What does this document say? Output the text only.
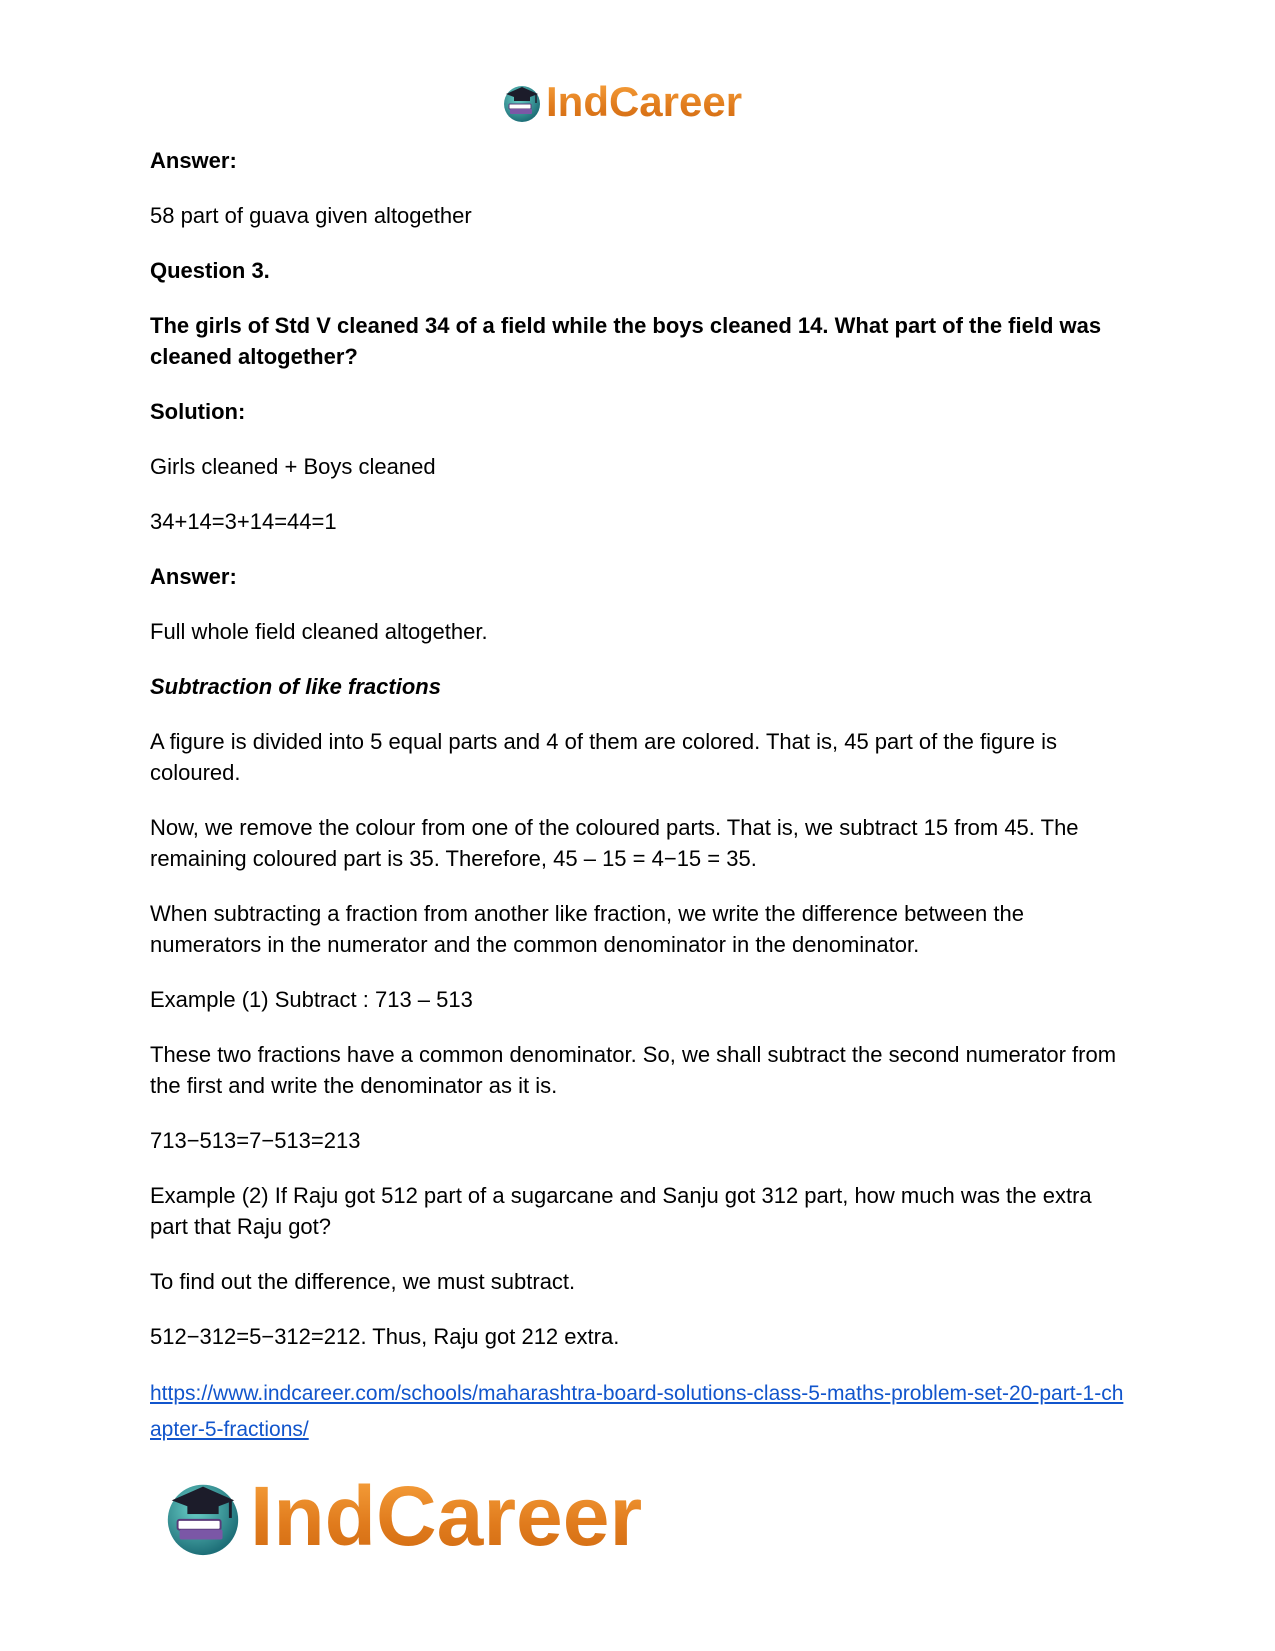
IndCareer

Answer:

58 part of guava given altogether

Question 3.

The girls of Std V cleaned 34 of a field while the boys cleaned 14. What part of the field was cleaned altogether?

Solution:

Girls cleaned + Boys cleaned

34+14=3+14=44=1

Answer:

Full whole field cleaned altogether.

Subtraction of like fractions

A figure is divided into 5 equal parts and 4 of them are colored. That is, 45 part of the figure is coloured.

Now, we remove the colour from one of the coloured parts. That is, we subtract 15 from 45. The remaining coloured part is 35. Therefore, 45 – 15 = 4−15 = 35.

When subtracting a fraction from another like fraction, we write the difference between the numerators in the numerator and the common denominator in the denominator.

Example (1) Subtract : 713 – 513

These two fractions have a common denominator. So, we shall subtract the second numerator from the first and write the denominator as it is.

713−513=7−513=213

Example (2) If Raju got 512 part of a sugarcane and Sanju got 312 part, how much was the extra part that Raju got?

To find out the difference, we must subtract.

512−312=5−312=212. Thus, Raju got 212 extra.

https://www.indcareer.com/schools/maharashtra-board-solutions-class-5-maths-problem-set-20-part-1-chapter-5-fractions/
IndCareer
